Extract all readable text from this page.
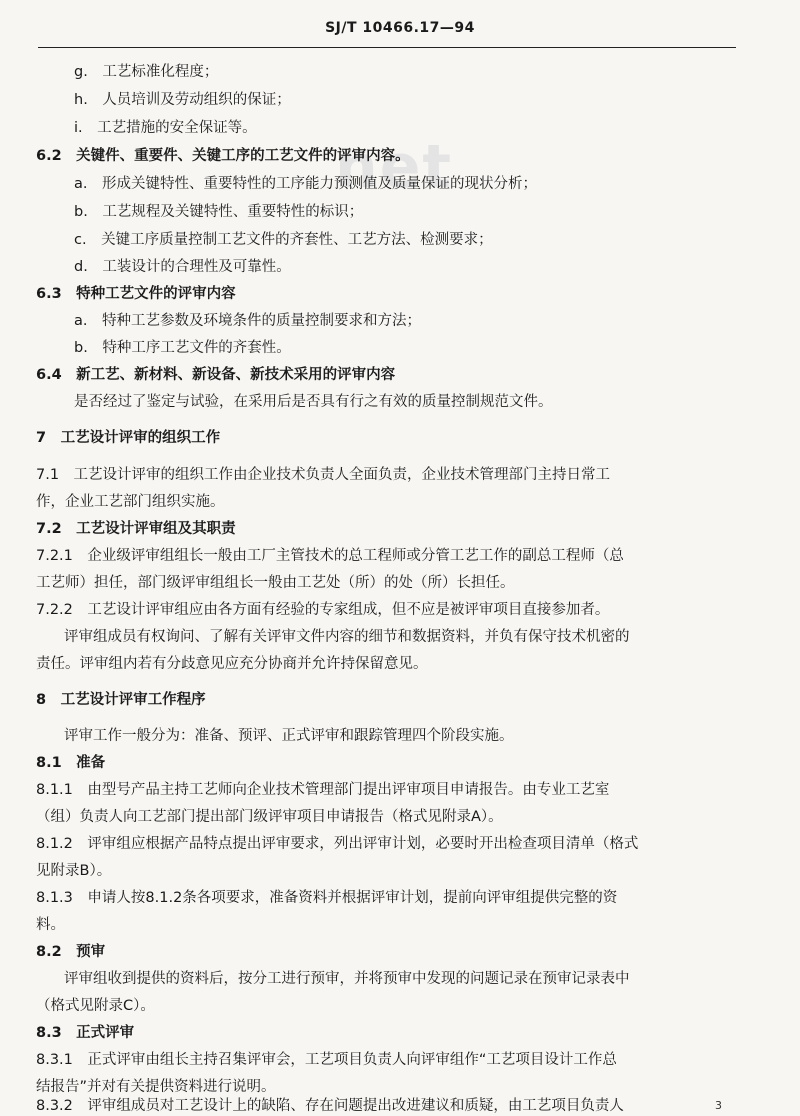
SJ/T 10466.17—94
net
g.　工艺标准化程度；
h.　人员培训及劳动组织的保证；
i.　工艺措施的安全保证等。
6.2　关键件、重要件、关键工序的工艺文件的评审内容。
a.　形成关键特性、重要特性的工序能力预测值及质量保证的现状分析；
b.　工艺规程及关键特性、重要特性的标识；
c.　关键工序质量控制工艺文件的齐套性、工艺方法、检测要求；
d.　工装设计的合理性及可靠性。
6.3　特种工艺文件的评审内容
a.　特种工艺参数及环境条件的质量控制要求和方法；
b.　特种工序工艺文件的齐套性。
6.4　新工艺、新材料、新设备、新技术采用的评审内容
是否经过了鉴定与试验，在采用后是否具有行之有效的质量控制规范文件。
7　工艺设计评审的组织工作
7.1　工艺设计评审的组织工作由企业技术负责人全面负责，企业技术管理部门主持日常工
作，企业工艺部门组织实施。
7.2　工艺设计评审组及其职责
7.2.1　企业级评审组组长一般由工厂主管技术的总工程师或分管工艺工作的副总工程师（总
工艺师）担任，部门级评审组组长一般由工艺处（所）的处（所）长担任。
7.2.2　工艺设计评审组应由各方面有经验的专家组成，但不应是被评审项目直接参加者。
评审组成员有权询问、了解有关评审文件内容的细节和数据资料，并负有保守技术机密的
责任。评审组内若有分歧意见应充分协商并允许持保留意见。
8　工艺设计评审工作程序
评审工作一般分为：准备、预评、正式评审和跟踪管理四个阶段实施。
8.1　准备
8.1.1　由型号产品主持工艺师向企业技术管理部门提出评审项目申请报告。由专业工艺室
（组）负责人向工艺部门提出部门级评审项目申请报告（格式见附录A）。
8.1.2　评审组应根据产品特点提出评审要求，列出评审计划，必要时开出检查项目清单（格式
见附录B）。
8.1.3　申请人按8.1.2条各项要求，准备资料并根据评审计划，提前向评审组提供完整的资
料。
8.2　预审
评审组收到提供的资料后，按分工进行预审，并将预审中发现的问题记录在预审记录表中
（格式见附录C）。
8.3　正式评审
8.3.1　正式评审由组长主持召集评审会，工艺项目负责人向评审组作“工艺项目设计工作总
结报告”并对有关提供资料进行说明。
8.3.2　评审组成员对工艺设计上的缺陷、存在问题提出改进建议和质疑，由工艺项目负责人	3
